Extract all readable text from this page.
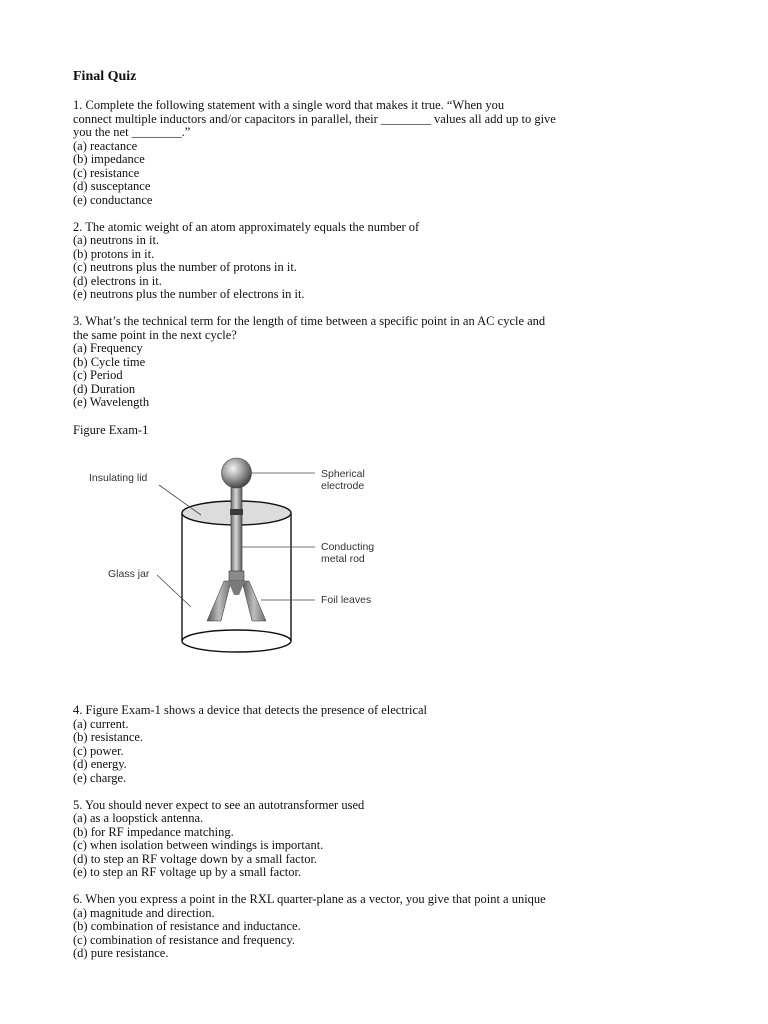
Final Quiz
1. Complete the following statement with a single word that makes it true. “When you
connect multiple inductors and/or capacitors in parallel, their ________ values all add up to give
you the net ________.”
(a) reactance
(b) impedance
(c) resistance
(d) susceptance
(e) conductance
2. The atomic weight of an atom approximately equals the number of
(a) neutrons in it.
(b) protons in it.
(c) neutrons plus the number of protons in it.
(d) electrons in it.
(e) neutrons plus the number of electrons in it.
3. What’s the technical term for the length of time between a specific point in an AC cycle and
the same point in the next cycle?
(a) Frequency
(b) Cycle time
(c) Period
(d) Duration
(e) Wavelength
Figure Exam-1
Insulating lid
Glass jar
Spherical
electrode
Conducting
metal rod
Foil leaves
4. Figure Exam-1 shows a device that detects the presence of electrical
(a) current.
(b) resistance.
(c) power.
(d) energy.
(e) charge.
5. You should never expect to see an autotransformer used
(a) as a loopstick antenna.
(b) for RF impedance matching.
(c) when isolation between windings is important.
(d) to step an RF voltage down by a small factor.
(e) to step an RF voltage up by a small factor.
6. When you express a point in the RXL quarter-plane as a vector, you give that point a unique
(a) magnitude and direction.
(b) combination of resistance and inductance.
(c) combination of resistance and frequency.
(d) pure resistance.
